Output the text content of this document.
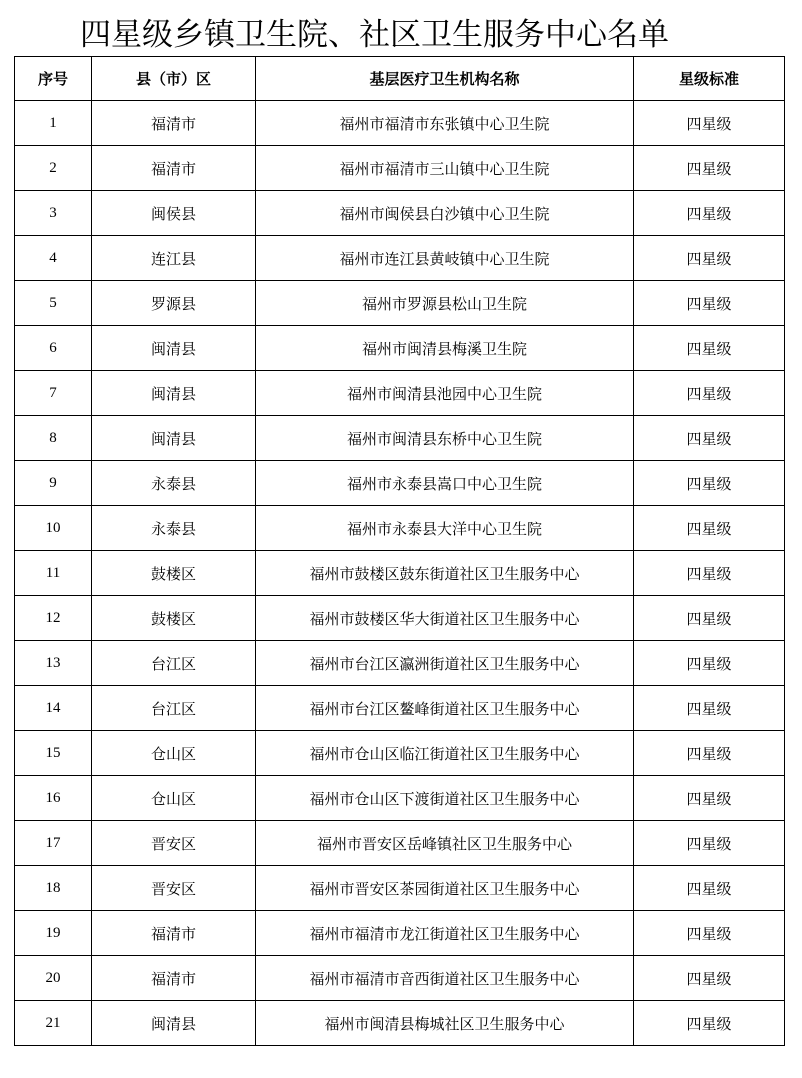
四星级乡镇卫生院、社区卫生服务中心名单
序号	县（市）区	基层医疗卫生机构名称	星级标准
1	福清市	福州市福清市东张镇中心卫生院	四星级
2	福清市	福州市福清市三山镇中心卫生院	四星级
3	闽侯县	福州市闽侯县白沙镇中心卫生院	四星级
4	连江县	福州市连江县黄岐镇中心卫生院	四星级
5	罗源县	福州市罗源县松山卫生院	四星级
6	闽清县	福州市闽清县梅溪卫生院	四星级
7	闽清县	福州市闽清县池园中心卫生院	四星级
8	闽清县	福州市闽清县东桥中心卫生院	四星级
9	永泰县	福州市永泰县嵩口中心卫生院	四星级
10	永泰县	福州市永泰县大洋中心卫生院	四星级
11	鼓楼区	福州市鼓楼区鼓东街道社区卫生服务中心	四星级
12	鼓楼区	福州市鼓楼区华大街道社区卫生服务中心	四星级
13	台江区	福州市台江区瀛洲街道社区卫生服务中心	四星级
14	台江区	福州市台江区鳌峰街道社区卫生服务中心	四星级
15	仓山区	福州市仓山区临江街道社区卫生服务中心	四星级
16	仓山区	福州市仓山区下渡街道社区卫生服务中心	四星级
17	晋安区	福州市晋安区岳峰镇社区卫生服务中心	四星级
18	晋安区	福州市晋安区茶园街道社区卫生服务中心	四星级
19	福清市	福州市福清市龙江街道社区卫生服务中心	四星级
20	福清市	福州市福清市音西街道社区卫生服务中心	四星级
21	闽清县	福州市闽清县梅城社区卫生服务中心	四星级
